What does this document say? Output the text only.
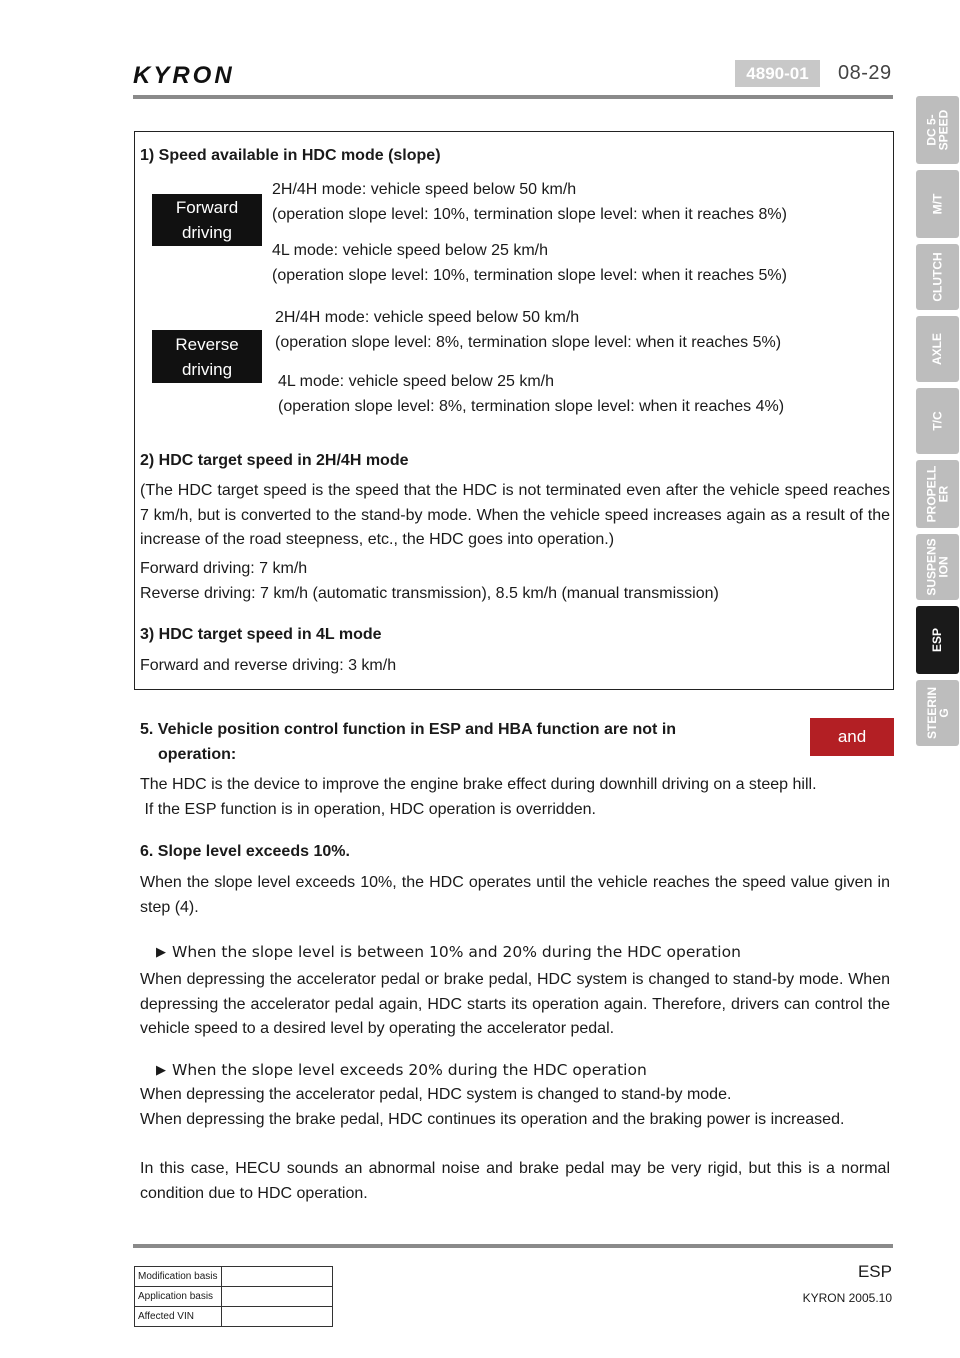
KYRON	4890-01	08-29
DC 5-
SPEED
M/T
CLUTCH
AXLE
T/C
PROPELL
ER
SUSPENS
ION
ESP
STEERIN
G
1) Speed available in HDC mode (slope)
Forward
driving
2H/4H mode: vehicle speed below 50 km/h
(operation slope level: 10%, termination slope level: when it reaches 8%)
4L mode: vehicle speed below 25 km/h
(operation slope level: 10%, termination slope level: when it reaches 5%)
Reverse
driving
2H/4H mode: vehicle speed below 50 km/h
(operation slope level: 8%, termination slope level: when it reaches 5%)
4L mode: vehicle speed below 25 km/h
(operation slope level: 8%, termination slope level: when it reaches 4%)
2) HDC target speed in 2H/4H mode
(The HDC target speed is the speed that the HDC is not terminated even after the vehicle speed reaches 7 km/h, but is converted to the stand-by mode. When the vehicle speed increases again as a result of the increase of the road steepness, etc., the HDC goes into operation.)
Forward driving: 7 km/h
Reverse driving: 7 km/h (automatic transmission), 8.5 km/h (manual transmission)
3) HDC target speed in 4L mode
Forward and reverse driving: 3 km/h
5. Vehicle position control function in ESP and HBA function are not in
operation:
and
The HDC is the device to improve the engine brake effect during downhill driving on a steep hill.
If the ESP function is in operation, HDC operation is overridden.
6. Slope level exceeds 10%.
When the slope level exceeds 10%, the HDC operates until the vehicle reaches the speed value given in step (4).
▶ When the slope level is between 10% and 20% during the HDC operation
When depressing the accelerator pedal or brake pedal, HDC system is changed to stand-by mode. When depressing the accelerator pedal again, HDC starts its operation again. Therefore, drivers can control the vehicle speed to a desired level by operating the accelerator pedal.
▶ When the slope level exceeds 20% during the HDC operation
When depressing the accelerator pedal, HDC system is changed to stand-by mode.
When depressing the brake pedal, HDC continues its operation and the braking power is increased.
In this case, HECU sounds an abnormal noise and brake pedal may be very rigid, but this is a normal condition due to HDC operation.
Modification basis	
Application basis	
Affected VIN	
ESP
KYRON 2005.10
